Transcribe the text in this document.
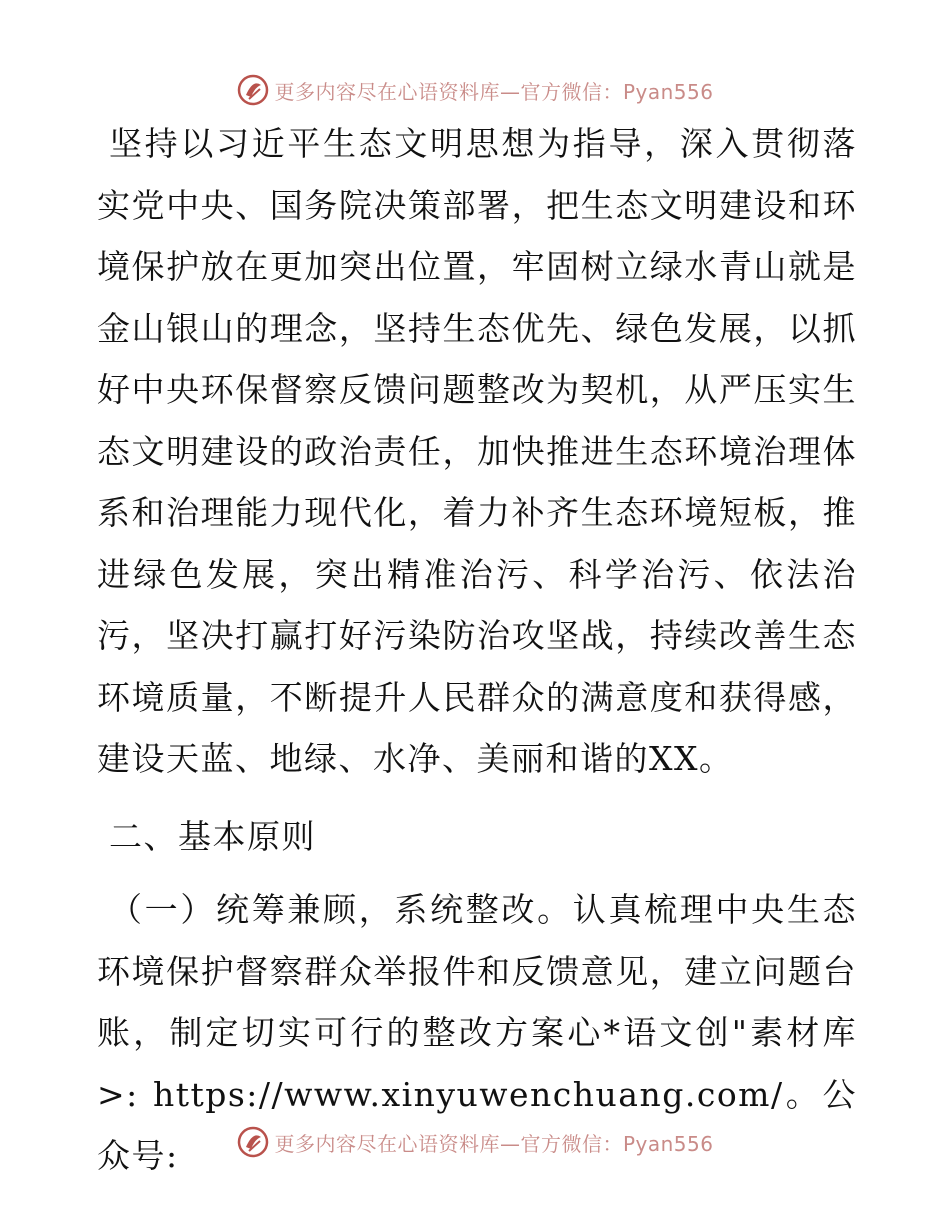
更多内容尽在心语资料库—官方微信：Pyan556

坚持以习近平生态文明思想为指导，深入贯彻落实党中央、国务院决策部署，把生态文明建设和环境保护放在更加突出位置，牢固树立绿水青山就是金山银山的理念，坚持生态优先、绿色发展，以抓好中央环保督察反馈问题整改为契机，从严压实生态文明建设的政治责任，加快推进生态环境治理体系和治理能力现代化，着力补齐生态环境短板，推进绿色发展，突出精准治污、科学治污、依法治污，坚决打赢打好污染防治攻坚战，持续改善生态环境质量，不断提升人民群众的满意度和获得感，建设天蓝、地绿、水净、美丽和谐的XX。

二、基本原则

（一）统筹兼顾，系统整改。认真梳理中央生态环境保护督察群众举报件和反馈意见，建立问题台账，制定切实可行的整改方案心*语文创"素材库>: https://www.xinyuwenchuang.com/。公众号:	更多内容尽在心语资料库—官方微信：Pyan556
